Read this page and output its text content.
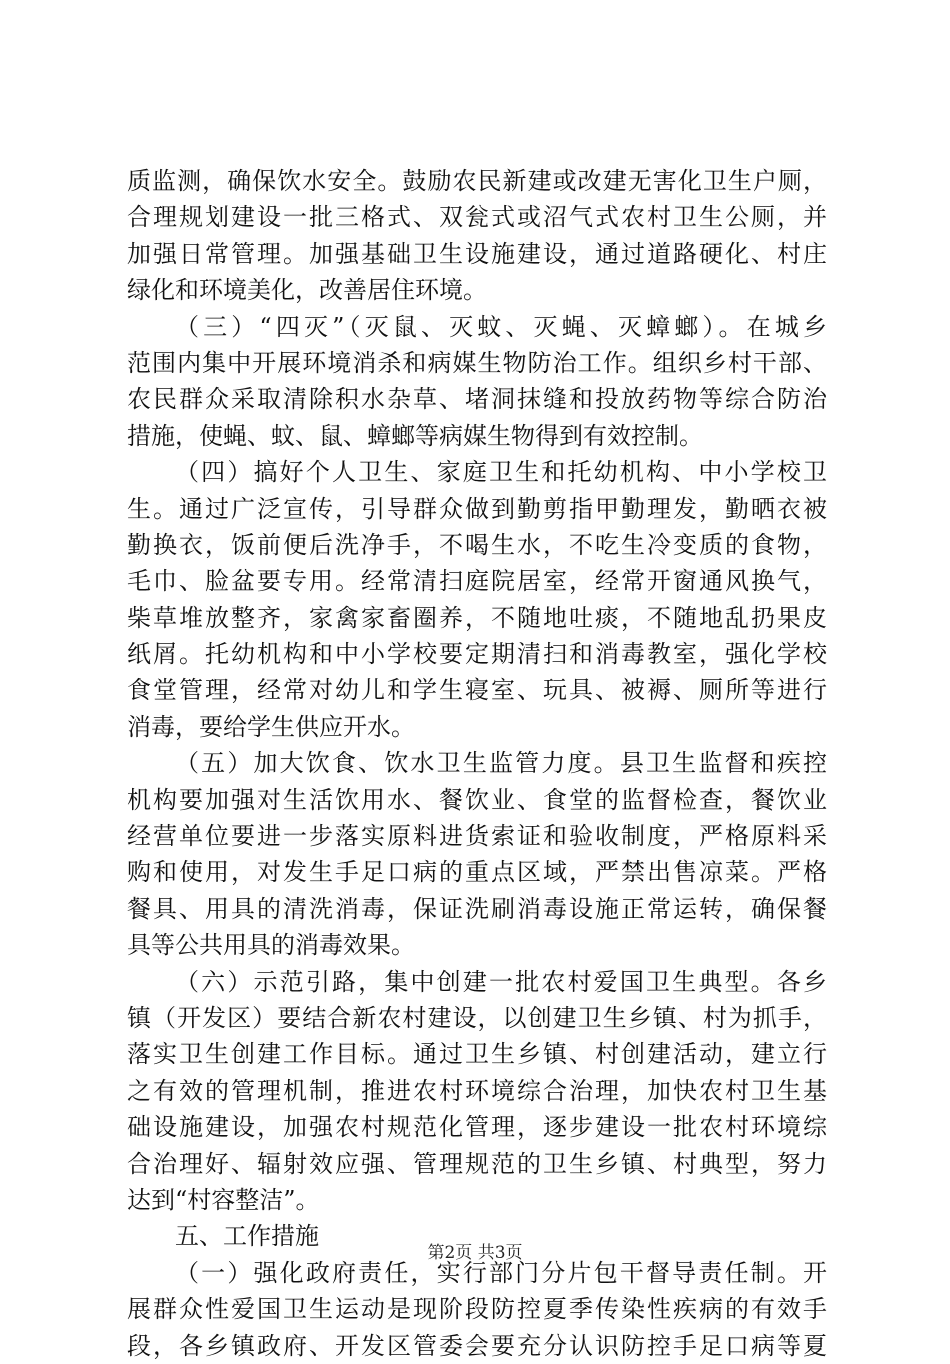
质监测，确保饮水安全。鼓励农民新建或改建无害化卫生户厕，
合理规划建设一批三格式、双瓮式或沼气式农村卫生公厕，并
加强日常管理。加强基础卫生设施建设，通过道路硬化、村庄
绿化和环境美化，改善居住环境。
（三）“四灭”（灭鼠、灭蚊、灭蝇、灭蟑螂）。在城乡
范围内集中开展环境消杀和病媒生物防治工作。组织乡村干部、
农民群众采取清除积水杂草、堵洞抹缝和投放药物等综合防治
措施，使蝇、蚊、鼠、蟑螂等病媒生物得到有效控制。
（四）搞好个人卫生、家庭卫生和托幼机构、中小学校卫
生。通过广泛宣传，引导群众做到勤剪指甲勤理发，勤晒衣被
勤换衣，饭前便后洗净手，不喝生水，不吃生冷变质的食物，
毛巾、脸盆要专用。经常清扫庭院居室，经常开窗通风换气，
柴草堆放整齐，家禽家畜圈养，不随地吐痰，不随地乱扔果皮
纸屑。托幼机构和中小学校要定期清扫和消毒教室，强化学校
食堂管理，经常对幼儿和学生寝室、玩具、被褥、厕所等进行
消毒，要给学生供应开水。
（五）加大饮食、饮水卫生监管力度。县卫生监督和疾控
机构要加强对生活饮用水、餐饮业、食堂的监督检查，餐饮业
经营单位要进一步落实原料进货索证和验收制度，严格原料采
购和使用，对发生手足口病的重点区域，严禁出售凉菜。严格
餐具、用具的清洗消毒，保证洗刷消毒设施正常运转，确保餐
具等公共用具的消毒效果。
（六）示范引路，集中创建一批农村爱国卫生典型。各乡
镇（开发区）要结合新农村建设，以创建卫生乡镇、村为抓手，
落实卫生创建工作目标。通过卫生乡镇、村创建活动，建立行
之有效的管理机制，推进农村环境综合治理，加快农村卫生基
础设施建设，加强农村规范化管理，逐步建设一批农村环境综
合治理好、辐射效应强、管理规范的卫生乡镇、村典型，努力
达到“村容整洁”。
五、工作措施
（一）强化政府责任，实行部门分片包干督导责任制。开
展群众性爱国卫生运动是现阶段防控夏季传染性疾病的有效手
段，各乡镇政府、开发区管委会要充分认识防控手足口病等夏
第2页 共3页
